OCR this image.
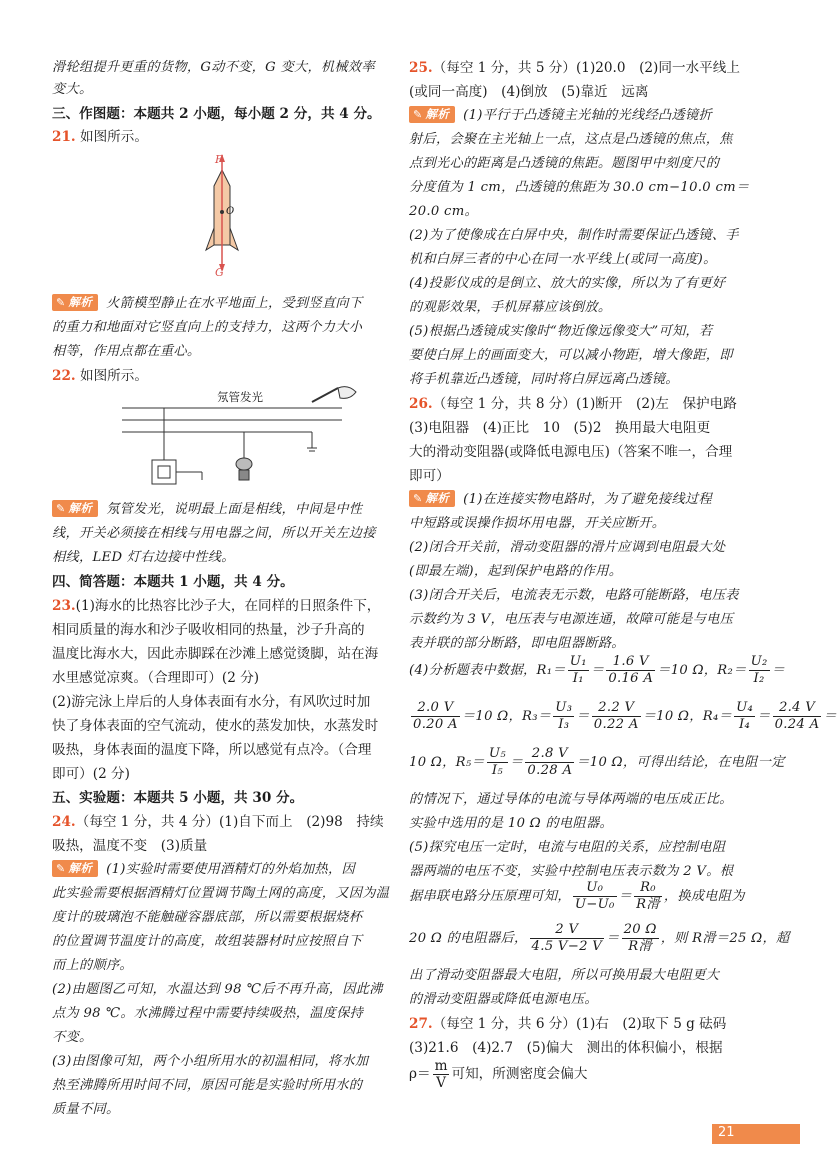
滑轮组提升更重的货物，G动不变，G 变大，机械效率
变大。
三、作图题：本题共 2 小题，每小题 2 分，共 4 分。
21. 如图所示。
F
G
O
✎ 解析 火箭模型静止在水平地面上，受到竖直向下
的重力和地面对它竖直向上的支持力，这两个力大小
相等，作用点都在重心。
22. 如图所示。
氖管发光
✎ 解析 氖管发光，说明最上面是相线，中间是中性
线，开关必须接在相线与用电器之间，所以开关左边接
相线，LED 灯右边接中性线。
四、简答题：本题共 1 小题，共 4 分。
23.(1)海水的比热容比沙子大，在同样的日照条件下，
相同质量的海水和沙子吸收相同的热量，沙子升高的
温度比海水大，因此赤脚踩在沙滩上感觉烫脚，站在海
水里感觉凉爽。（合理即可）(2 分)
(2)游完泳上岸后的人身体表面有水分，有风吹过时加
快了身体表面的空气流动，使水的蒸发加快，水蒸发时
吸热，身体表面的温度下降，所以感觉有点冷。（合理
即可）(2 分)
五、实验题：本题共 5 小题，共 30 分。
24.（每空 1 分，共 4 分）(1)自下而上　(2)98　持续
吸热，温度不变　(3)质量
✎ 解析 (1)实验时需要使用酒精灯的外焰加热，因
此实验需要根据酒精灯位置调节陶土网的高度，又因为温
度计的玻璃泡不能触碰容器底部，所以需要根据烧杯
的位置调节温度计的高度，故组装器材时应按照自下
而上的顺序。
(2)由题图乙可知，水温达到 98 ℃后不再升高，因此沸
点为 98 ℃。水沸腾过程中需要持续吸热，温度保持
不变。
(3)由图像可知，两个小组所用水的初温相同，将水加
热至沸腾所用时间不同，原因可能是实验时所用水的
质量不同。
25.（每空 1 分，共 5 分）(1)20.0　(2)同一水平线上
(或同一高度)　(4)倒放　(5)靠近　远离
✎ 解析 (1)平行于凸透镜主光轴的光线经凸透镜折
射后，会聚在主光轴上一点，这点是凸透镜的焦点，焦
点到光心的距离是凸透镜的焦距。题图甲中刻度尺的
分度值为 1 cm，凸透镜的焦距为 30.0 cm−10.0 cm＝
20.0 cm。
(2)为了使像成在白屏中央，制作时需要保证凸透镜、手
机和白屏三者的中心在同一水平线上(或同一高度)。
(4)投影仪成的是倒立、放大的实像，所以为了有更好
的观影效果，手机屏幕应该倒放。
(5)根据凸透镜成实像时“物近像远像变大”可知，若
要使白屏上的画面变大，可以减小物距，增大像距，即
将手机靠近凸透镜，同时将白屏远离凸透镜。
26.（每空 1 分，共 8 分）(1)断开　(2)左　保护电路
(3)电阻器　(4)正比　10　(5)2　换用最大电阻更
大的滑动变阻器(或降低电源电压)（答案不唯一，合理
即可）
✎ 解析 (1)在连接实物电路时，为了避免接线过程
中短路或误操作损坏用电器，开关应断开。
(2)闭合开关前，滑动变阻器的滑片应调到电阻最大处
(即最左端)，起到保护电路的作用。
(3)闭合开关后，电流表无示数，电路可能断路，电压表
示数约为 3 V，电压表与电源连通，故障可能是与电压
表并联的部分断路，即电阻器断路。
(4)分析题表中数据，$R_1= \frac{\text{U₁}}{\text{I₁}} = \frac{1.6 V}{0.16 A} =10$ Ω，$R_2= \frac{\text{U₂}}{\text{I₂}}$ ＝
$\frac{2.0 V}{0.20 A} =10$ Ω，$R_3= \frac{\text{U₃}}{\text{I₃}} = \frac{2.2 V}{0.22 A} =10$ Ω，$R_4= \frac{\text{U₄}}{\text{I₄}} = \frac{2.4 V}{0.24 A}$ ＝
10 Ω，$R_5= \frac{\text{U₅}}{\text{I₅}} = \frac{2.8 V}{0.28 A} =10$ Ω，可得出结论，在电阻一定
的情况下，通过导体的电流与导体两端的电压成正比。
实验中选用的是 10 Ω 的电阻器。
(5)探究电压一定时，电流与电阻的关系，应控制电阻
器两端的电压不变，实验中控制电压表示数为 2 V。根
据串联电路分压原理可知， $\frac{\text{U₀}}{\text{U−U₀}} = \frac{\text{R₀}}{\text{R滑}}$ ，换成电阻为
20 Ω 的电阻器后， $\frac{2 V}{4.5 V-2 V} = \frac{20 \Omega}{\text{R滑}}$ ，则 R滑＝25 Ω，超
出了滑动变阻器最大电阻，所以可换用最大电阻更大
的滑动变阻器或降低电源电压。
27.（每空 1 分，共 6 分）(1)右　(2)取下 5 g 砝码
(3)21.6　(4)2.7　(5)偏大　测出的体积偏小，根据
$\rho= \frac{m}{V}$ 可知，所测密度会偏大
21
